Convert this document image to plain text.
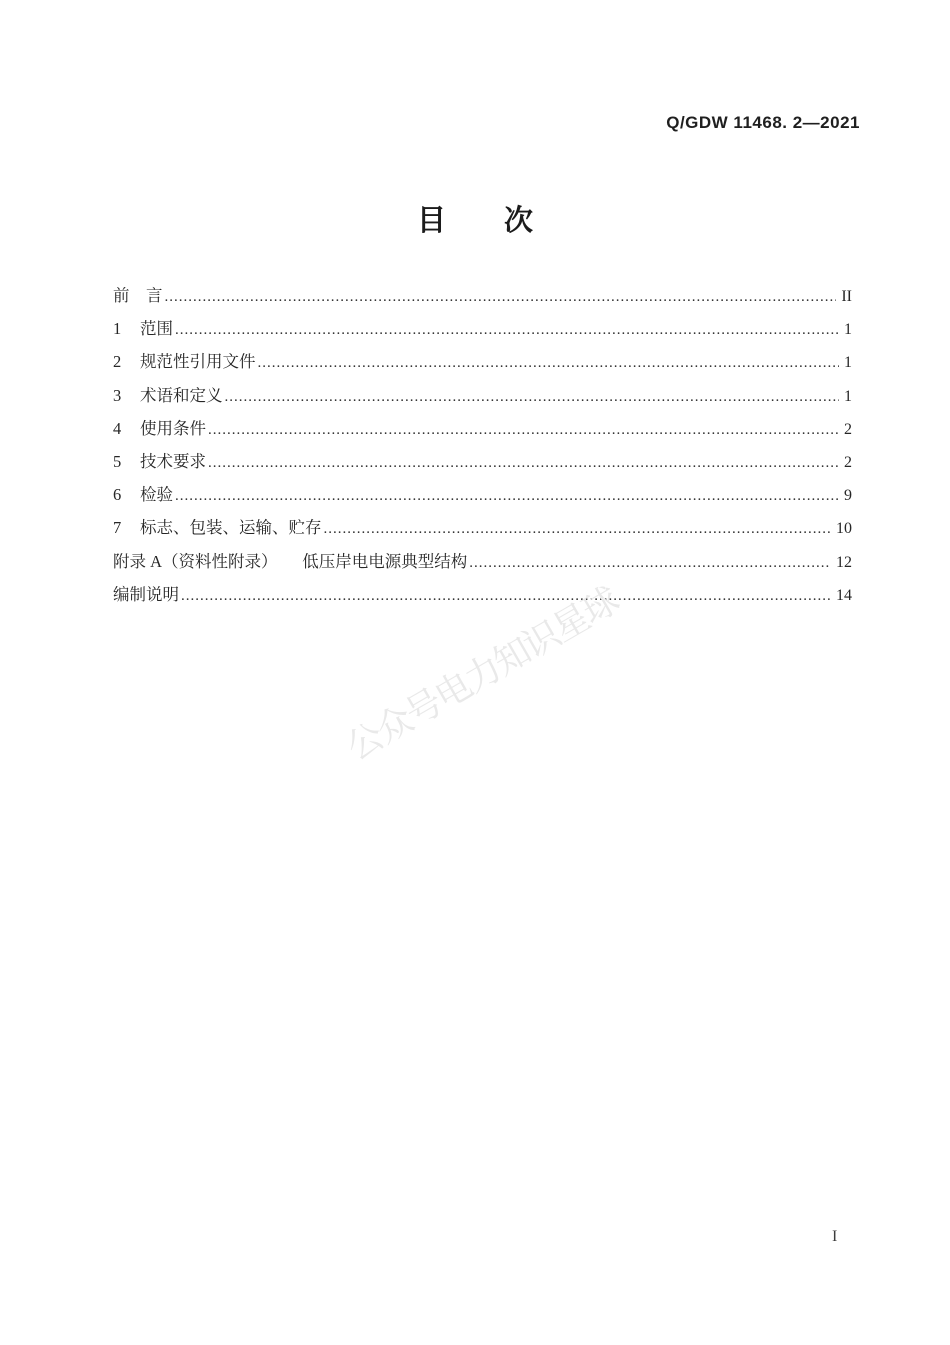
Q/GDW 11468. 2—2021
目　　次
前　言 .....	II
1	范围 .....	1
2	规范性引用文件 .....	1
3	术语和定义 .....	1
4	使用条件 .....	2
5	技术要求 .....	2
6	检验 .....	9
7	标志、包装、运输、贮存 .....	10
附录 A（资料性附录）　　低压岸电电源典型结构 .....	12
编制说明 .....	14
公众号电力知识星球
I
